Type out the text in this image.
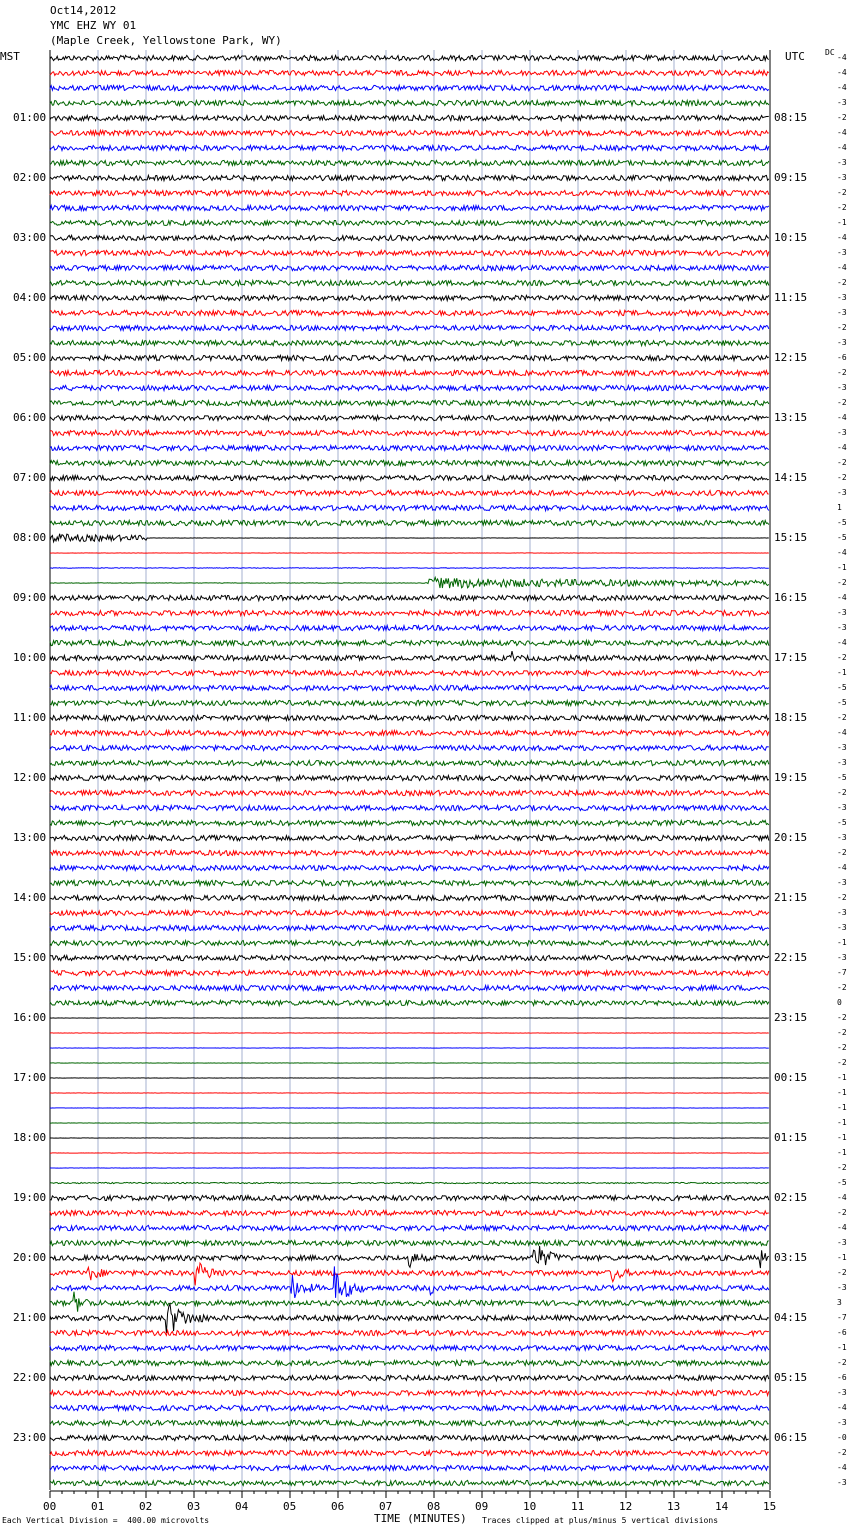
Oct14,2012
YMC EHZ WY 01
(Maple Creek, Yellowstone Park, WY)
MST	UTC	DC
01:00
02:00
03:00
04:00
05:00
06:00
07:00
08:00
09:00
10:00
11:00
12:00
13:00
14:00
15:00
16:00
17:00
18:00
19:00
20:00
21:00
22:00
23:00
08:15
09:15
10:15
11:15
12:15
13:15
14:15
15:15
16:15
17:15
18:15
19:15
20:15
21:15
22:15
23:15
00:15
01:15
02:15
03:15
04:15
05:15
06:15
-4
-4
-4
-3
-2
-4
-4
-3
-3
-2
-2
-1
-4
-3
-4
-2
-3
-3
-2
-3
-6
-2
-3
-2
-4
-3
-4
-2
-2
-3
1
-5
-5
-4
-1
-2
-4
-3
-3
-4
-2
-1
-5
-5
-2
-4
-3
-3
-5
-2
-3
-5
-3
-2
-4
-3
-2
-3
-3
-1
-3
-7
-2
0
-2
-2
-2
-2
-1
-1
-1
-1
-1
-1
-2
-5
-4
-2
-4
-3
-1
-2
-3
3
-7
-6
-1
-2
-6
-3
-4
-3
-0
-2
-4
-3
00	01	02	03	04	05	06	07	08	09	10	11	12	13	14	15
Each Vertical Division =  400.00 microvolts	TIME (MINUTES) Traces clipped at plus/minus 5 vertical divisions
